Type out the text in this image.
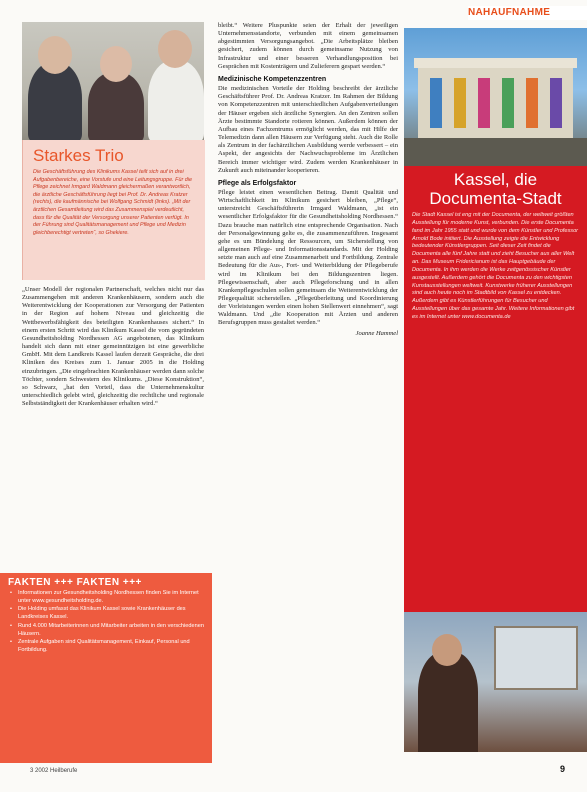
NAHAUFNAHME
Starkes Trio

Die Geschäftsführung des Klinikums Kassel teilt sich auf in drei Aufgabenbereiche, eine Vorstufe und eine Leitungsgruppe. Für die Pflege zeichnet Irmgard Waldmann gleichermaßen verantwortlich, die ärztliche Geschäftsführung liegt bei Prof. Dr. Andreas Kratzer (rechts), die kaufmännische bei Wolfgang Schmidt (links). „Mit der ärztlichen Gesamtleitung wird das Zusammenspiel verdeutlicht, dass für die Qualität der Versorgung unserer Patienten verfügt. In der Führung sind Qualitätsmanagement und Pflege und Medizin gleichberechtigt vertreten“, so Ghekiere.

„Unser Modell der regionalen Partnerschaft, welches nicht nur das Zusammengehen mit anderen Krankenhäusern, sondern auch die Weiterentwicklung der Kooperationen zur Versorgung der Patienten in der Region auf hohem Niveau und gleichzeitig die Wettbewerbsfähigkeit des beteiligten Krankenhauses sichert.“ In einem ersten Schritt wird das Klinikum Kassel die vom gegründeten Gesundheitsholding Nordhessen AG angebotenen, das Klinikum handelt sich dann mit einer gemeinnützigen ist eine gewerbliche GmbH. Mit dem Landkreis Kassel laufen derzeit Gespräche, die drei Kliniken des Kreises zum 1. Januar 2005 in die Holding einzubringen. „Die eingebrachten Krankenhäuser werden dann solche Töchter, sondern Schwestern des Klinikums. „Diese Konstruktion“, so Schwarz, „hat den Vorteil, dass die Unternehmenskultur unterschiedlich gelebt wird, gleichzeitig die rechtliche und regionale Selbstständigkeit der Krankenhäuser erhalten wird.“

bleibt.“ Weitere Pluspunkte seien der Erhalt der jeweiligen Unternehmensstandorte, verbunden mit einem gemeinsamen abgestimmten Versorgungsangebot. „Die Arbeitsplätze bleiben gesichert, zudem können durch gemeinsame Nutzung von Infrastruktur und einer besseren Verhandlungsposition bei Gesprächen mit Kostenträgern und Zulieferern gespart werden.“

Medizinische Kompetenzzentren

Die medizinischen Vorteile der Holding beschreibt der ärztliche Geschäftsführer Prof. Dr. Andreas Kratzer. Im Rahmen der Bildung von Kompetenzzentren mit unterschiedlichen Aufgabenverteilungen der Häuser ergeben sich ärztliche Synergien. An den Zentren sollen Ärzte bestimmte Standorte rotieren können. Außerdem können der Aufbau eines Fachzentrums ermöglicht werden, das mit Hilfe der Telemedizin dann allen Häusern zur Verfügung steht. Auch die Rolle als Zentrum in der fachärztlichen Ausbildung werde verbessert – ein Aspekt, der angesichts der Nachwuchsprobleme im Ärztlichen Bereich immer wichtiger wird. Zudem werden Krankenhäuser in Zukunft auch miteinander kooperieren.

Pflege als Erfolgsfaktor

Pflege leistet einen wesentlichen Beitrag. Damit Qualität und Wirtschaftlichkeit im Klinikum gesichert bleiben, „Pflege“, unterstreicht Geschäftsführerin Irmgard Waldmann, „ist ein wesentlicher Erfolgsfaktor für die Gesundheitsholding Nordhessen.“ Dazu brauche man natürlich eine entsprechende Organisation. Nach der Personalgewinnung gelte es, die zusammenzuführen. Insgesamt gehe es um Bündelung der Ressourcen, um Sicherstellung von allgemeinen Pflege- und Informationsstandards. Mit der Holding setzte man auch auf eine Zusammenarbeit und Fortbildung. Zentrale Bedeutung für die Aus-, Fort- und Weiterbildung der Pflegeberufe wird im Klinikum bei den Bildungszentren liegen. Pflegewissenschaft, aber auch Pflegeforschung und in allen Krankenpflegeschulen sollen gemeinsam die Weiterentwicklung der Pflegequalität sicherstellen. „Pflegeüberleitung und Koordinierung der Vorleistungen werden einen hohen Stellenwert einnehmen“, sagt Waldmann. Und „die Kooperation mit Ärzten und anderen Berufsgruppen muss gestaltet werden.“

Joanne Hammel
FAKTEN +++ FAKTEN +++
• Informationen zur Gesundheitsholding Nordhessen finden Sie im Internet unter www.gesundheitsholding.de.
• Die Holding umfasst das Klinikum Kassel sowie Krankenhäuser des Landkreises Kassel.
• Rund 4.000 Mitarbeiterinnen und Mitarbeiter arbeiten in den verschiedenen Häusern.
• Zentrale Aufgaben sind Qualitätsmanagement, Einkauf, Personal und Fortbildung.
Kassel, die Documenta-Stadt

Die Stadt Kassel ist eng mit der Documenta, der weltweit größten Ausstellung für moderne Kunst, verbunden. Die erste Documenta fand im Jahr 1955 statt und wurde von dem Künstler und Professor Arnold Bode initiiert. Die Ausstellung zeigte die Entwicklung bedeutender Künstlergruppen. Seit dieser Zeit findet die Documenta alle fünf Jahre statt und zieht Besucher aus aller Welt an. Das Museum Fridericianum ist das Hauptgebäude der Documenta. In ihm werden die Werke zeitgenössischer Künstler ausgestellt. Außerdem gehört die Documenta zu den wichtigsten Kunstausstellungen weltweit. Kunstwerke früherer Ausstellungen sind auch heute noch im Stadtbild von Kassel zu entdecken. Außerdem gibt es Künstlerführungen für Besucher und Ausstellungen über das gesamte Jahr. Weitere Informationen gibt es im Internet unter www.documenta.de

3 2002 Heilberufe	9
